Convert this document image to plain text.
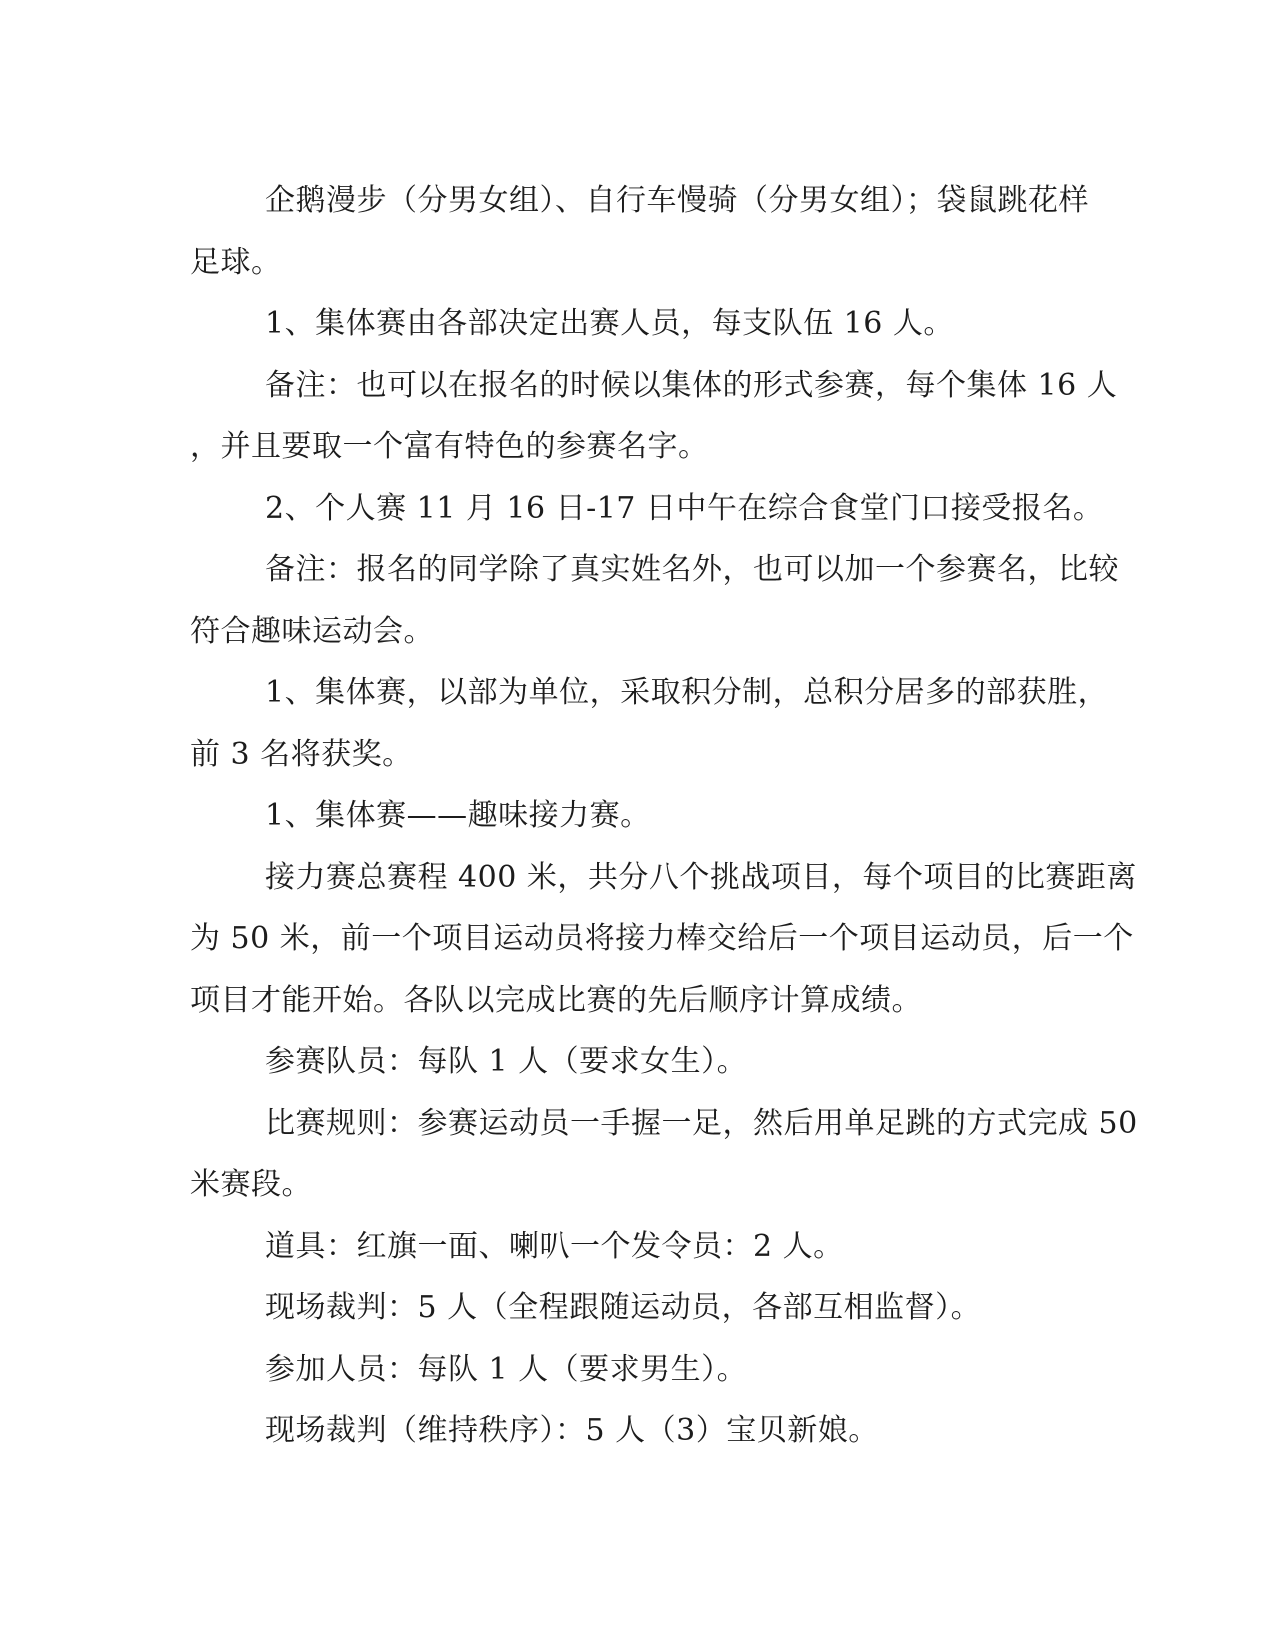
企鹅漫步（分男女组）、自行车慢骑（分男女组）；袋鼠跳花样
足球。
1、集体赛由各部决定出赛人员，每支队伍 16 人。
备注：也可以在报名的时候以集体的形式参赛，每个集体 16 人
，并且要取一个富有特色的参赛名字。
2、个人赛 11 月 16 日-17 日中午在综合食堂门口接受报名。
备注：报名的同学除了真实姓名外，也可以加一个参赛名，比较
符合趣味运动会。
1、集体赛，以部为单位，采取积分制，总积分居多的部获胜，
前 3 名将获奖。
1、集体赛——趣味接力赛。
接力赛总赛程 400 米，共分八个挑战项目，每个项目的比赛距离
为 50 米，前一个项目运动员将接力棒交给后一个项目运动员，后一个
项目才能开始。各队以完成比赛的先后顺序计算成绩。
参赛队员：每队 1 人（要求女生）。
比赛规则：参赛运动员一手握一足，然后用单足跳的方式完成 50
米赛段。
道具：红旗一面、喇叭一个发令员：2 人。
现场裁判：5 人（全程跟随运动员，各部互相监督）。
参加人员：每队 1 人（要求男生）。
现场裁判（维持秩序）：5 人（3）宝贝新娘。
